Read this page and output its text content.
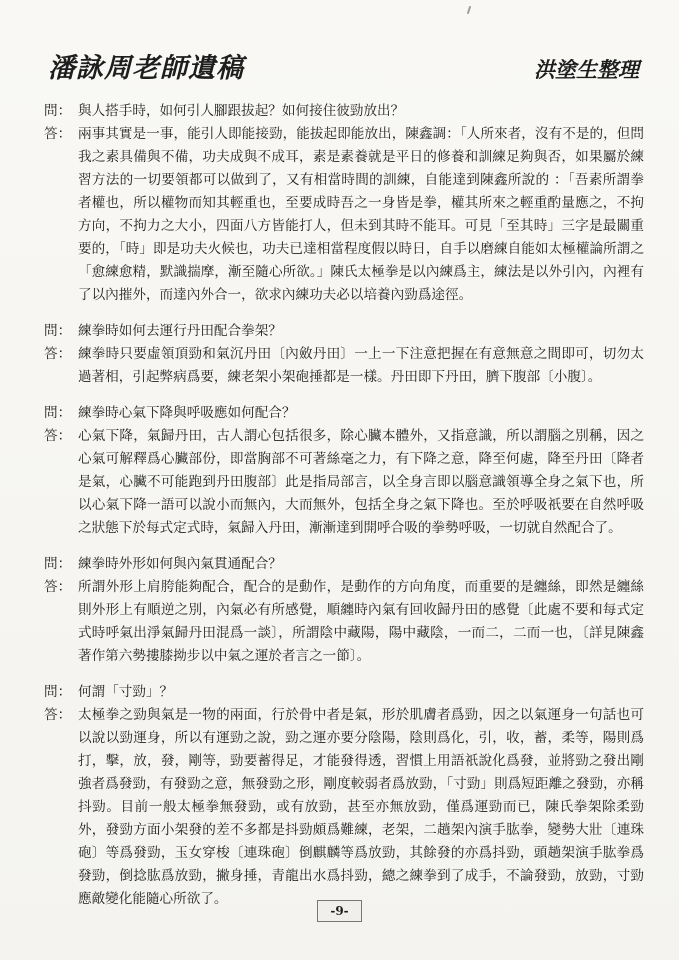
潘詠周老師遺稿	洪塗生整理
問： 與人搭手時，如何引人腳跟拔起？如何接住彼勁放出？
答： 兩事其實是一事，能引人即能接勁，能拔起即能放出，陳鑫調：「人所來者，沒有不是的，但問我之素具備與不備，功夫成與不成耳，素是素養就是平日的修養和訓練足夠與否，如果屬於練習方法的一切要領都可以做到了，又有相當時間的訓練，自能達到陳鑫所說的 ：「吾素所謂拳者權也，所以權物而知其輕重也，至要成時吾之一身皆是拳，權其所來之輕重酌量應之，不拘方向，不拘力之大小，四面八方皆能打人，但未到其時不能耳。可見「至其時」三字是最關重要的，「時」即是功夫火候也，功夫已達相當程度假以時日，自手以磨練自能如太極權論所謂之「愈練愈精，默識揣摩，漸至隨心所欲。」陳氏太極拳是以內練爲主，練法是以外引內，內裡有了以內摧外，而達內外合一，欲求內練功夫必以培養內勁爲途徑。
問： 練拳時如何去運行丹田配合拳架？
答： 練拳時只要虛領頂勁和氣沉丹田〔內斂丹田〕一上一下注意把握在有意無意之間即可，切勿太過著相，引起弊病爲要，練老架小架砲捶都是一樣。丹田即下丹田，臍下腹部〔小腹〕。
問： 練拳時心氣下降與呼吸應如何配合？
答： 心氣下降，氣歸丹田，古人謂心包括很多，除心臟本體外，又指意識，所以謂腦之別稱，因之心氣可解釋爲心臟部份，即當胸部不可著絲毫之力，有下降之意，降至何處，降至丹田〔降者是氣，心臟不可能跑到丹田腹部〕此是指局部言，以全身言即以腦意識領導全身之氣下也，所以心氣下降一語可以說小而無內，大而無外，包括全身之氣下降也。至於呼吸祇要在自然呼吸之狀態下於每式定式時，氣歸入丹田，漸漸達到開呼合吸的拳勢呼吸，一切就自然配合了。
問： 練拳時外形如何與內氣貫通配合？
答： 所謂外形上肩胯能夠配合，配合的是動作，是動作的方向角度，而重要的是纏絲，即然是纏絲則外形上有順逆之別，內氣必有所感覺，順纏時內氣有回收歸丹田的感覺〔此處不要和每式定式時呼氣出淨氣歸丹田混爲一談〕，所謂陰中藏陽，陽中藏陰，一而二，二而一也，〔詳見陳鑫著作第六勢摟膝拗步以中氣之運於者言之一節〕。
問： 何謂「寸勁」？
答： 太極拳之勁與氣是一物的兩面，行於骨中者是氣，形於肌膚者爲勁，因之以氣運身一句話也可以說以勁運身，所以有運勁之說，勁之運亦要分陰陽，陰則爲化，引，收，蓄，柔等，陽則爲打，擊，放，發，剛等，勁要蓄得足，才能發得透，習慣上用語祇說化爲發，並將勁之發出剛強者爲發勁，有發勁之意，無發勁之形，剛度較弱者爲放勁，「寸勁」則爲短距離之發勁，亦稱抖勁。目前一般太極拳無發勁，或有放勁，甚至亦無放勁，僅爲運勁而已，陳氏拳架除柔勁外，發勁方面小架發的差不多都是抖勁頗爲難練，老架，二趟架內演手肱拳，變勢大壯〔連珠砲〕等爲發勁，玉女穿梭〔連珠砲〕倒麒麟等爲放勁，其餘發的亦爲抖勁，頭趟架演手肱拳爲發勁，倒捻肱爲放勁，撇身捶，青龍出水爲抖勁，總之練拳到了成手，不論發勁，放勁，寸勁應敵變化能隨心所欲了。
-9-
